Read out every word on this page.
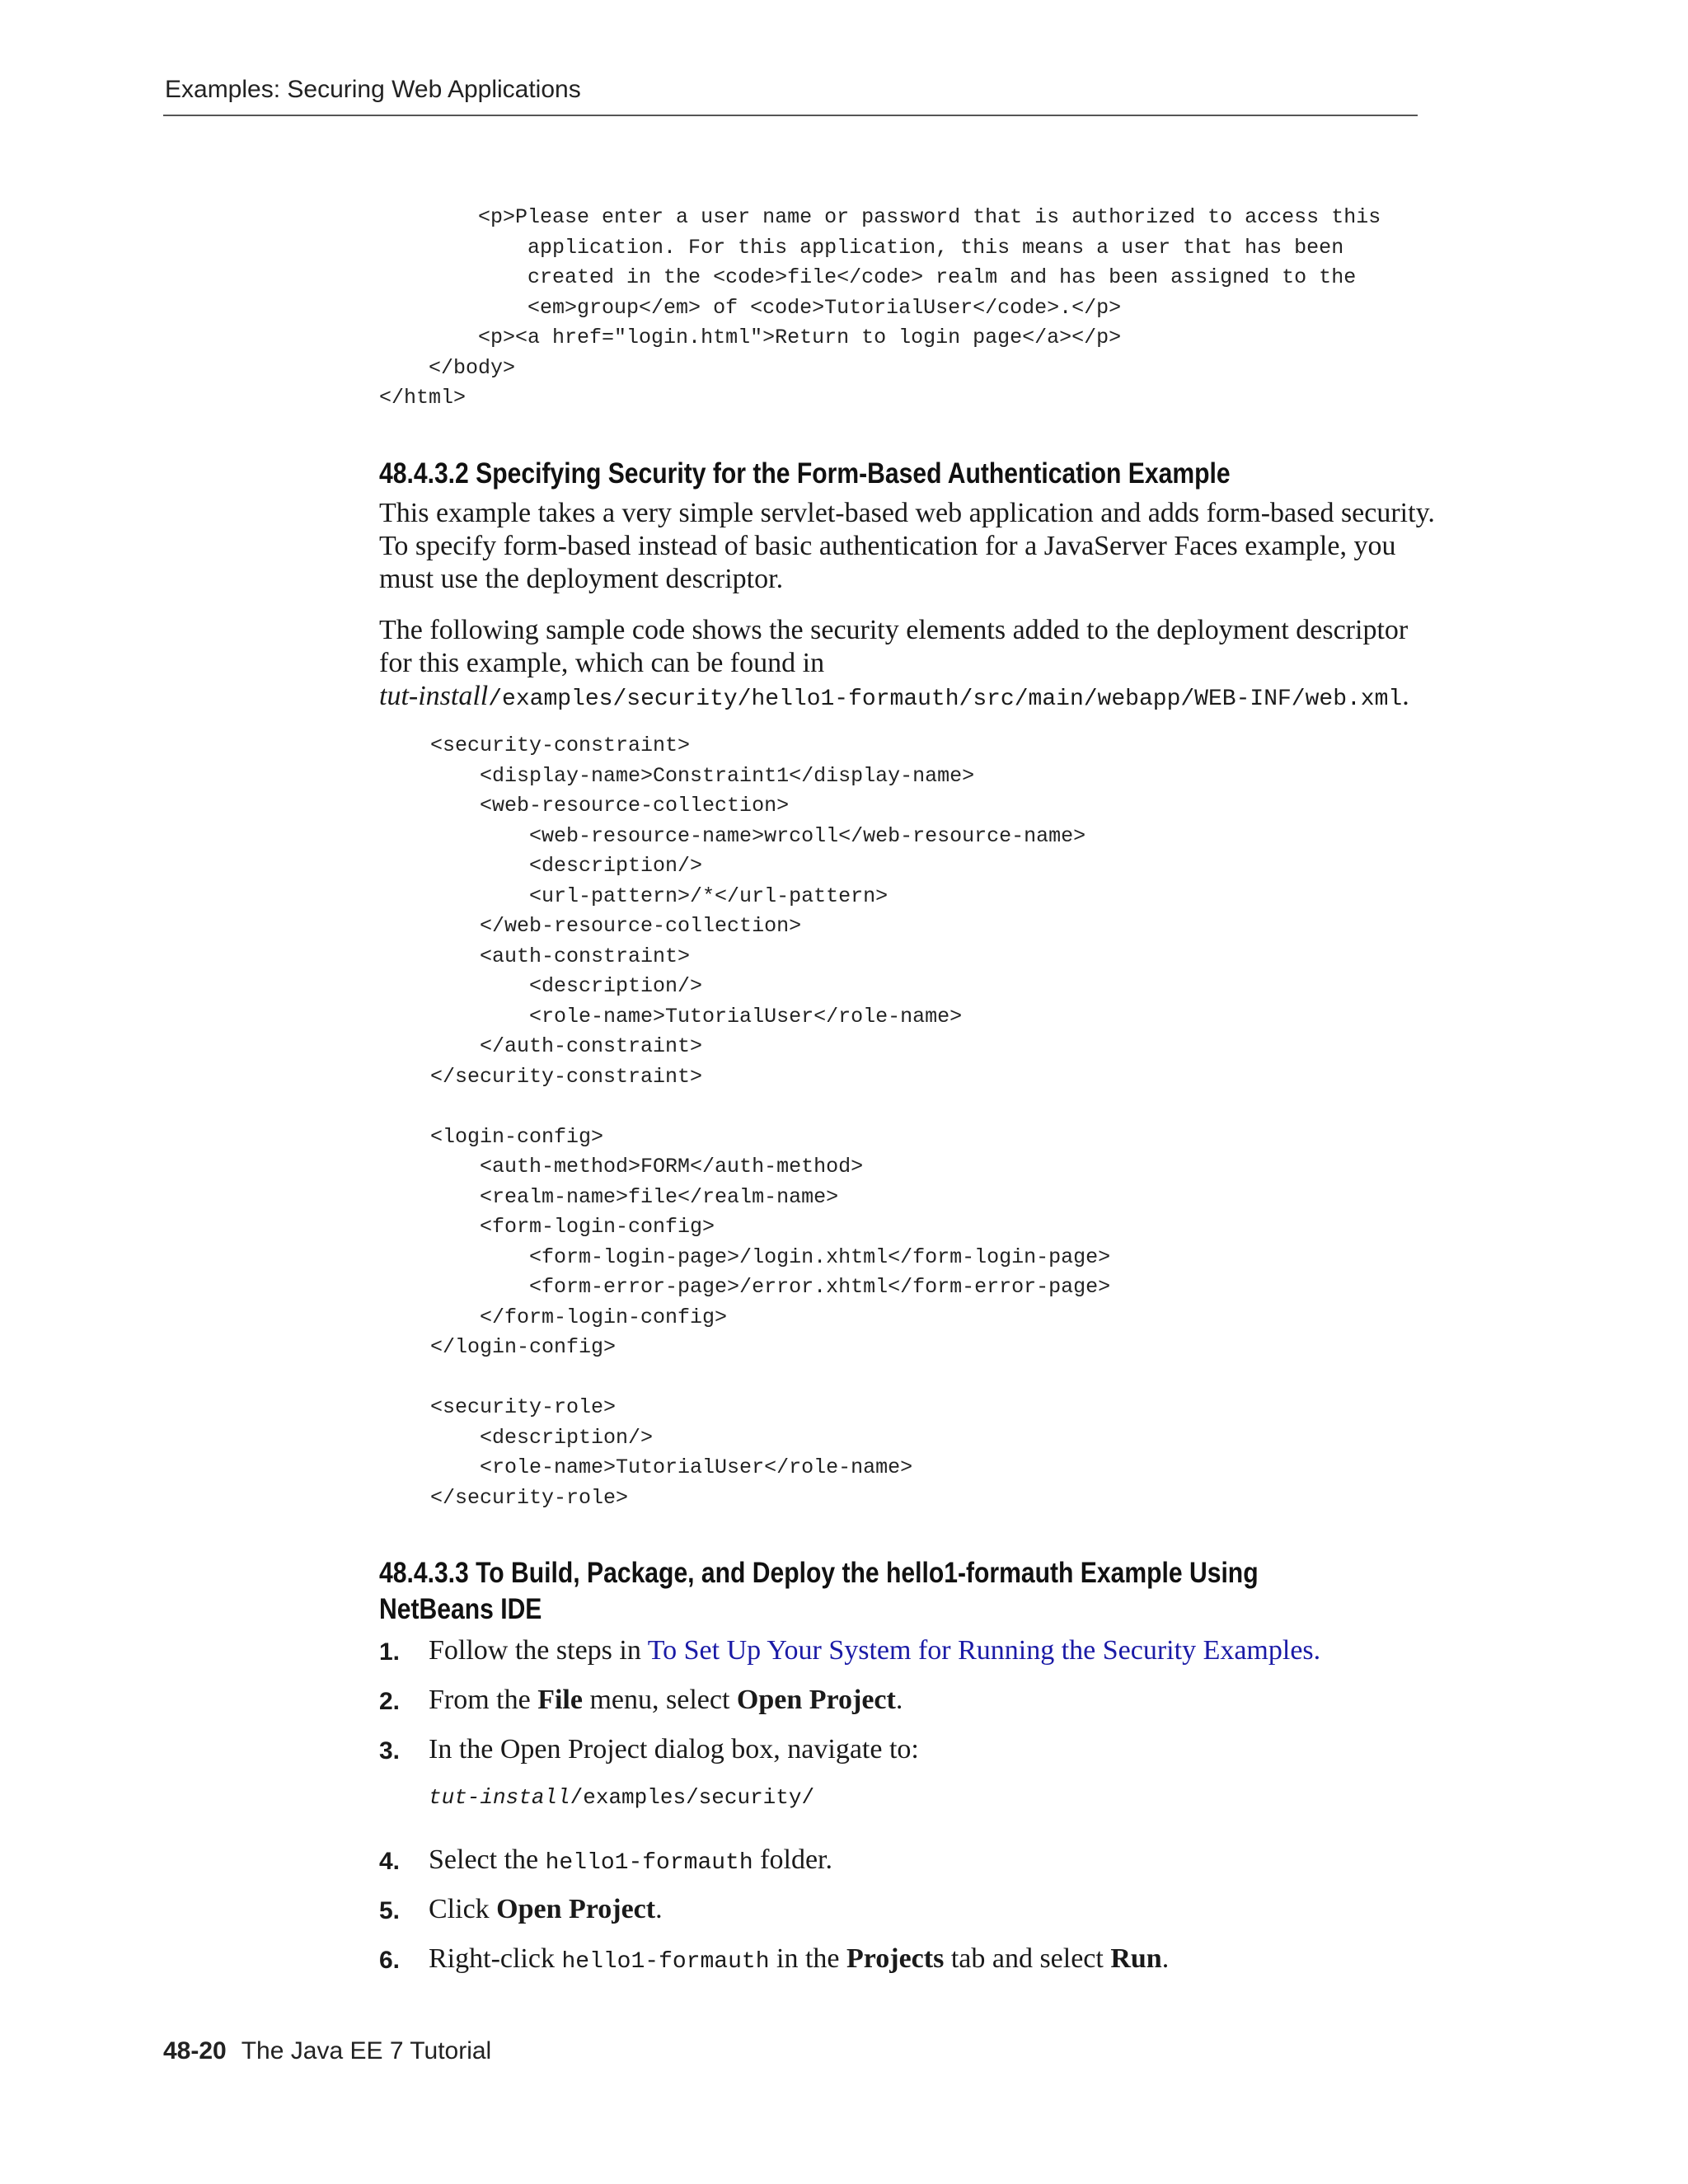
Examples: Securing Web Applications
<p>Please enter a user name or password that is authorized to access this
application. For this application, this means a user that has been
created in the <code>file</code> realm and has been assigned to the
<em>group</em> of <code>TutorialUser</code>.</p>
<p><a href="login.html">Return to login page</a></p>
</body>
</html>
48.4.3.2 Specifying Security for the Form-Based Authentication Example

This example takes a very simple servlet-based web application and adds form-based security. To specify form-based instead of basic authentication for a JavaServer Faces example, you must use the deployment descriptor.

The following sample code shows the security elements added to the deployment descriptor for this example, which can be found in
tut-install/examples/security/hello1-formauth/src/main/webapp/WEB-INF/web.xml.

<security-constraint>
<display-name>Constraint1</display-name>
<web-resource-collection>
<web-resource-name>wrcoll</web-resource-name>
<description/>
<url-pattern>/*</url-pattern>
</web-resource-collection>
<auth-constraint>
<description/>
<role-name>TutorialUser</role-name>
</auth-constraint>
</security-constraint>

<login-config>
<auth-method>FORM</auth-method>
<realm-name>file</realm-name>
<form-login-config>
<form-login-page>/login.xhtml</form-login-page>
<form-error-page>/error.xhtml</form-error-page>
</form-login-config>
</login-config>

<security-role>
<description/>
<role-name>TutorialUser</role-name>
</security-role>
48.4.3.3 To Build, Package, and Deploy the hello1-formauth Example Using NetBeans IDE
1. Follow the steps in To Set Up Your System for Running the Security Examples.
2. From the File menu, select Open Project.
3. In the Open Project dialog box, navigate to:
4. Select the hello1-formauth folder.
5. Click Open Project.
6. Right-click hello1-formauth in the Projects tab and select Run.
tut-install/examples/security/
48-20 The Java EE 7 Tutorial
